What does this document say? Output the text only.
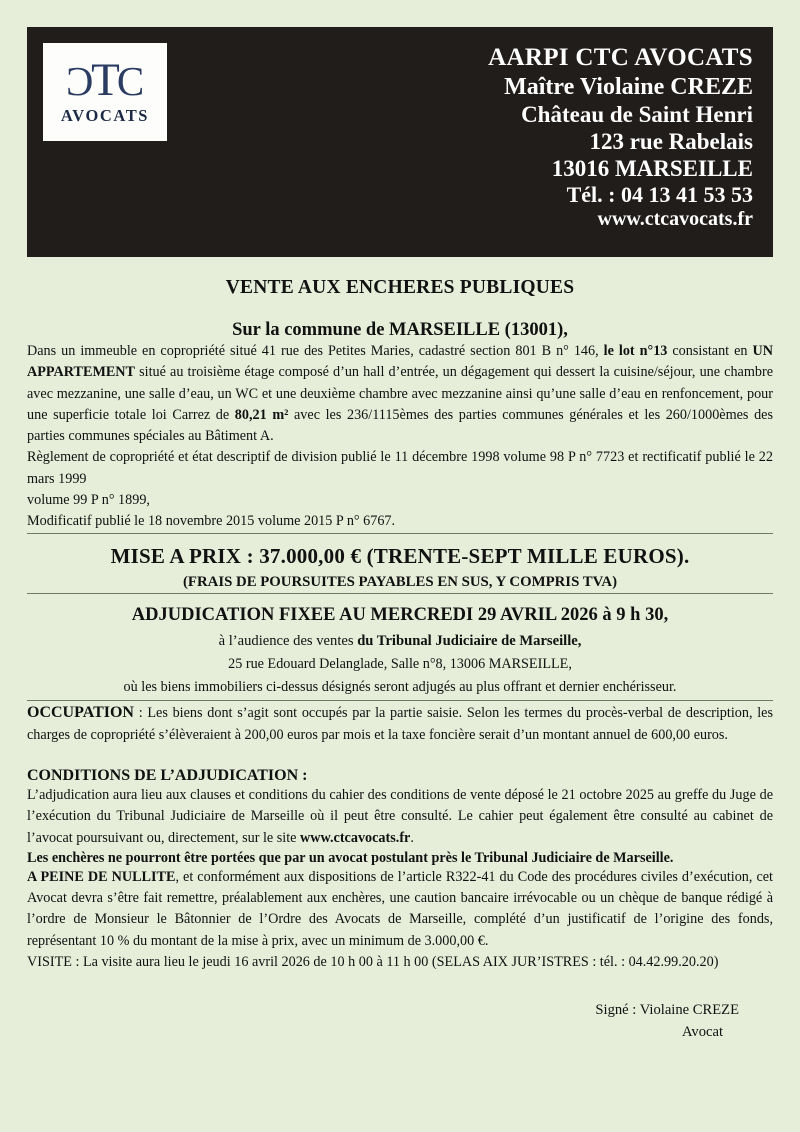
C
T
C
AVOCATS
AARPI CTC AVOCATS
Maître Violaine CREZE
Château de Saint Henri
123 rue Rabelais
13016 MARSEILLE
Tél. : 04 13 41 53 53
www.ctcavocats.fr
VENTE AUX ENCHERES PUBLIQUES
Sur la commune de MARSEILLE (13001),

Dans un immeuble en copropriété situé 41 rue des Petites Maries, cadastré section 801 B n° 146, le lot n°13 consistant en UN APPARTEMENT situé au troisième étage composé d’un hall d’entrée, un dégagement qui dessert la cuisine/séjour, une chambre avec mezzanine, une salle d’eau, un WC et une deuxième chambre avec mezzanine ainsi qu’une salle d’eau en renfoncement, pour une superficie totale loi Carrez de 80,21 m² avec les 236/1115èmes des parties communes générales et les 260/1000èmes des parties communes spéciales au Bâtiment A.

Règlement de copropriété et état descriptif de division publié le 11 décembre 1998 volume 98 P n° 7723 et rectificatif publié le 22 mars 1999
volume 99 P n° 1899,
Modificatif publié le 18 novembre 2015 volume 2015 P n° 6767.

MISE A PRIX : 37.000,00 € (TRENTE-SEPT MILLE EUROS).
(FRAIS DE POURSUITES PAYABLES EN SUS, Y COMPRIS TVA)
ADJUDICATION FIXEE AU MERCREDI 29 AVRIL 2026 à 9 h 30,
à l’audience des ventes du Tribunal Judiciaire de Marseille,
25 rue Edouard Delanglade, Salle n°8, 13006 MARSEILLE,
où les biens immobiliers ci-dessus désignés seront adjugés au plus offrant et dernier enchérisseur.

OCCUPATION : Les biens dont s’agit sont occupés par la partie saisie. Selon les termes du procès-verbal de description, les charges de copropriété s’élèveraient à 200,00 euros par mois et la taxe foncière serait d’un montant annuel de 600,00 euros.

CONDITIONS DE L’ADJUDICATION :

L’adjudication aura lieu aux clauses et conditions du cahier des conditions de vente déposé le 21 octobre 2025 au greffe du Juge de l’exécution du Tribunal Judiciaire de Marseille où il peut être consulté. Le cahier peut également être consulté au cabinet de l’avocat poursuivant ou, directement, sur le site www.ctcavocats.fr.

Les enchères ne pourront être portées que par un avocat postulant près le Tribunal Judiciaire de Marseille.

A PEINE DE NULLITE, et conformément aux dispositions de l’article R322-41 du Code des procédures civiles d’exécution, cet Avocat devra s’être fait remettre, préalablement aux enchères, une caution bancaire irrévocable ou un chèque de banque rédigé à l’ordre de Monsieur le Bâtonnier de l’Ordre des Avocats de Marseille, complété d’un justificatif de l’origine des fonds, représentant 10 % du montant de la mise à prix, avec un minimum de 3.000,00 €.

VISITE : La visite aura lieu le jeudi 16 avril 2026 de 10 h 00 à 11 h 00 (SELAS AIX JUR’ISTRES : tél. : 04.42.99.20.20)

Signé : Violaine CREZE
Avocat
